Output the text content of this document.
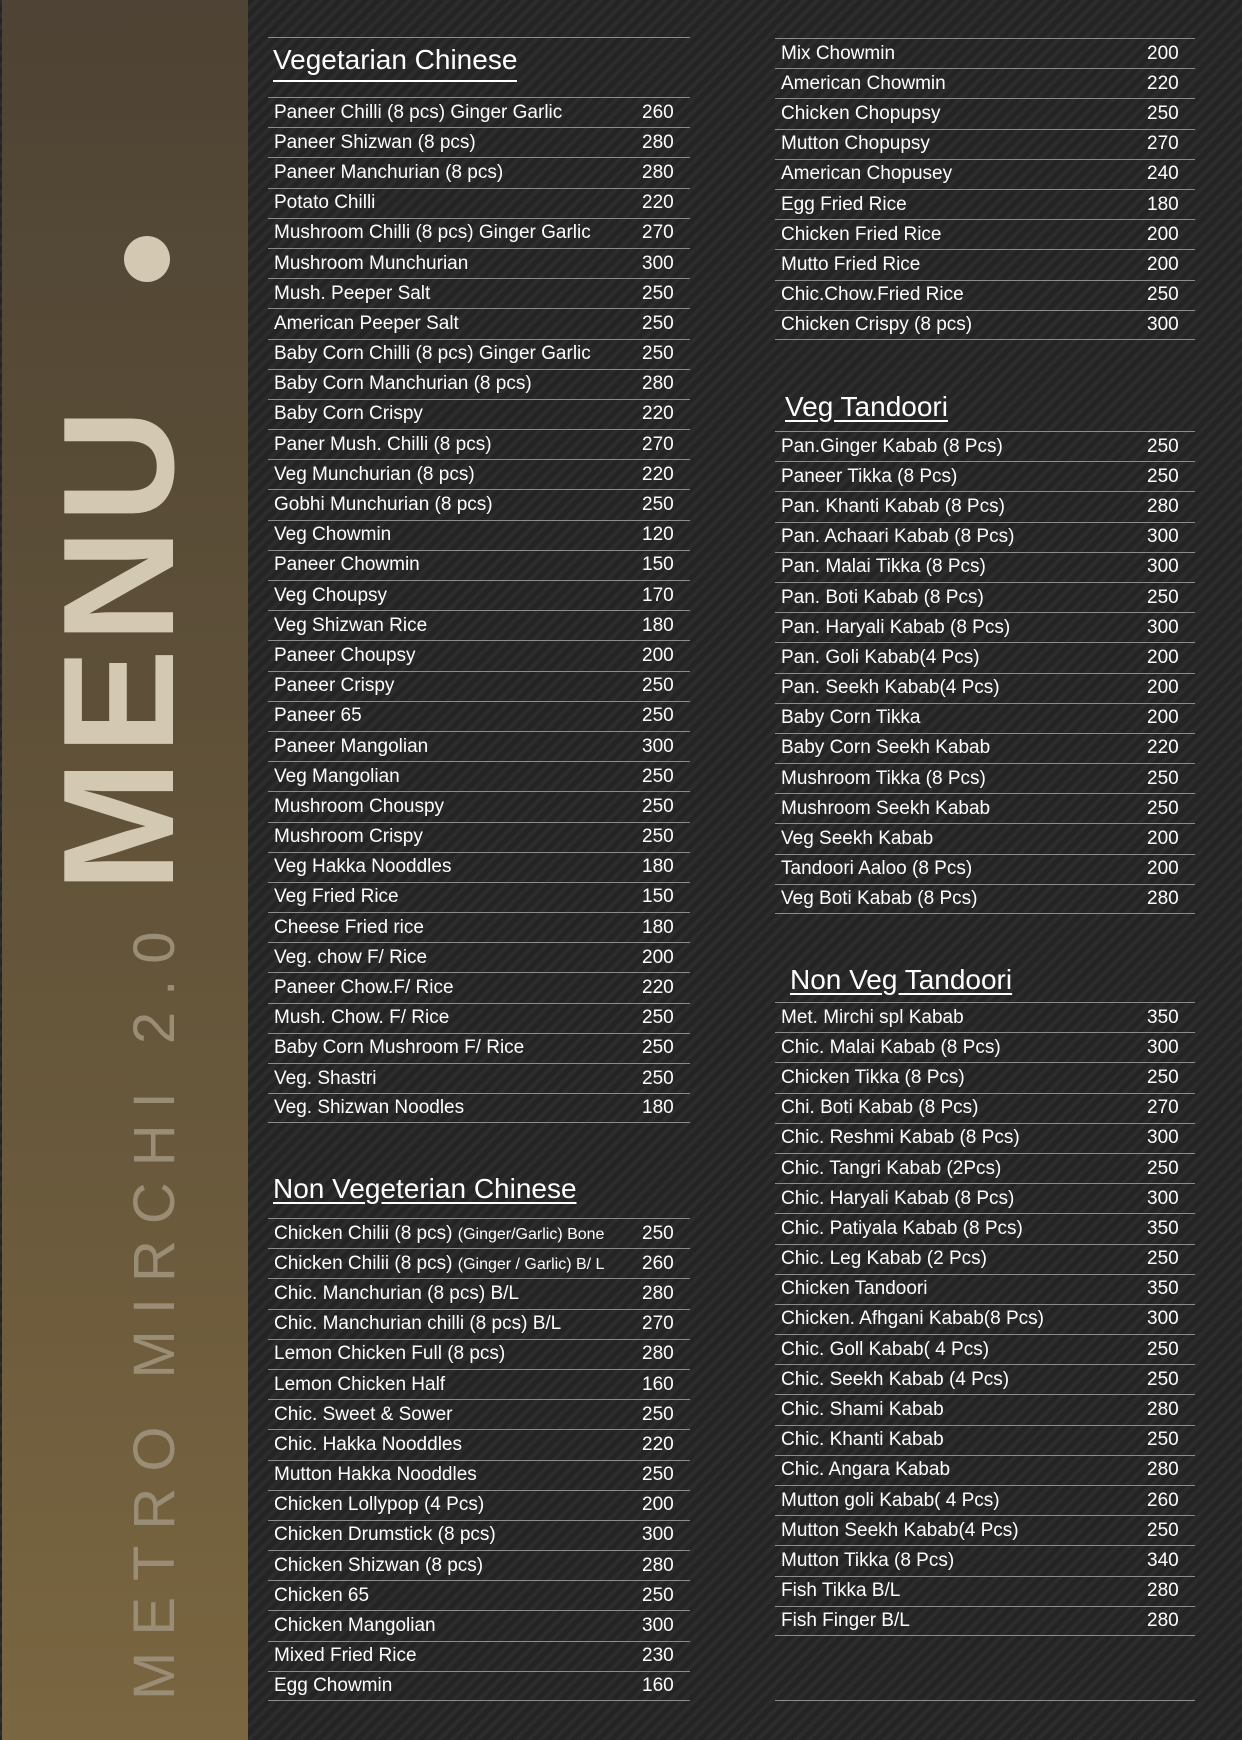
METRO MIRCHI 2.0
MENU
Vegetarian Chinese
Paneer Chilli (8 pcs) Ginger Garlic	260
Paneer Shizwan (8 pcs)	280
Paneer Manchurian (8 pcs)	280
Potato Chilli	220
Mushroom Chilli (8 pcs) Ginger Garlic	270
Mushroom Munchurian	300
Mush. Peeper Salt	250
American Peeper Salt	250
Baby Corn Chilli (8 pcs) Ginger Garlic	250
Baby Corn Manchurian (8 pcs)	280
Baby Corn Crispy	220
Paner Mush. Chilli (8 pcs)	270
Veg Munchurian (8 pcs)	220
Gobhi Munchurian (8 pcs)	250
Veg Chowmin	120
Paneer Chowmin	150
Veg Choupsy	170
Veg Shizwan Rice	180
Paneer Choupsy	200
Paneer Crispy	250
Paneer 65	250
Paneer Mangolian	300
Veg Mangolian	250
Mushroom Chouspy	250
Mushroom Crispy	250
Veg Hakka Nooddles	180
Veg Fried Rice	150
Cheese Fried rice	180
Veg. chow F/ Rice	200
Paneer Chow.F/ Rice	220
Mush. Chow. F/ Rice	250
Baby Corn Mushroom F/ Rice	250
Veg. Shastri	250
Veg. Shizwan Noodles	180
Non Vegeterian Chinese
Chicken Chilii (8 pcs) (Ginger/Garlic) Bone	250
Chicken Chilii (8 pcs) (Ginger / Garlic) B/ L	260
Chic. Manchurian (8 pcs) B/L	280
Chic. Manchurian chilli (8 pcs) B/L	270
Lemon Chicken Full (8 pcs)	280
Lemon Chicken Half	160
Chic. Sweet & Sower	250
Chic. Hakka Nooddles	220
Mutton Hakka Nooddles	250
Chicken Lollypop (4 Pcs)	200
Chicken Drumstick (8 pcs)	300
Chicken Shizwan (8 pcs)	280
Chicken 65	250
Chicken Mangolian	300
Mixed Fried Rice	230
Egg Chowmin	160
Mix Chowmin	200
American Chowmin	220
Chicken Chopupsy	250
Mutton Chopupsy	270
American Chopusey	240
Egg Fried Rice	180
Chicken Fried Rice	200
Mutto Fried Rice	200
Chic.Chow.Fried Rice	250
Chicken Crispy (8 pcs)	300
Veg Tandoori
Pan.Ginger Kabab (8 Pcs)	250
Paneer Tikka (8 Pcs)	250
Pan. Khanti Kabab (8 Pcs)	280
Pan. Achaari Kabab (8 Pcs)	300
Pan. Malai Tikka (8 Pcs)	300
Pan. Boti Kabab (8 Pcs)	250
Pan. Haryali Kabab (8 Pcs)	300
Pan. Goli Kabab(4 Pcs)	200
Pan. Seekh Kabab(4 Pcs)	200
Baby Corn Tikka	200
Baby Corn Seekh Kabab	220
Mushroom Tikka (8 Pcs)	250
Mushroom Seekh Kabab	250
Veg Seekh Kabab	200
Tandoori Aaloo (8 Pcs)	200
Veg Boti Kabab (8 Pcs)	280
Non Veg Tandoori
Met. Mirchi spl Kabab	350
Chic. Malai Kabab (8 Pcs)	300
Chicken Tikka (8 Pcs)	250
Chi. Boti Kabab (8 Pcs)	270
Chic. Reshmi Kabab (8 Pcs)	300
Chic. Tangri Kabab (2Pcs)	250
Chic. Haryali Kabab (8 Pcs)	300
Chic. Patiyala Kabab (8 Pcs)	350
Chic. Leg Kabab (2 Pcs)	250
Chicken Tandoori	350
Chicken. Afhgani Kabab(8 Pcs)	300
Chic. Goll Kabab( 4 Pcs)	250
Chic. Seekh Kabab (4 Pcs)	250
Chic. Shami Kabab	280
Chic. Khanti Kabab	250
Chic. Angara Kabab	280
Mutton goli Kabab( 4 Pcs)	260
Mutton Seekh Kabab(4 Pcs)	250
Mutton Tikka (8 Pcs)	340
Fish Tikka B/L	280
Fish Finger B/L	280
